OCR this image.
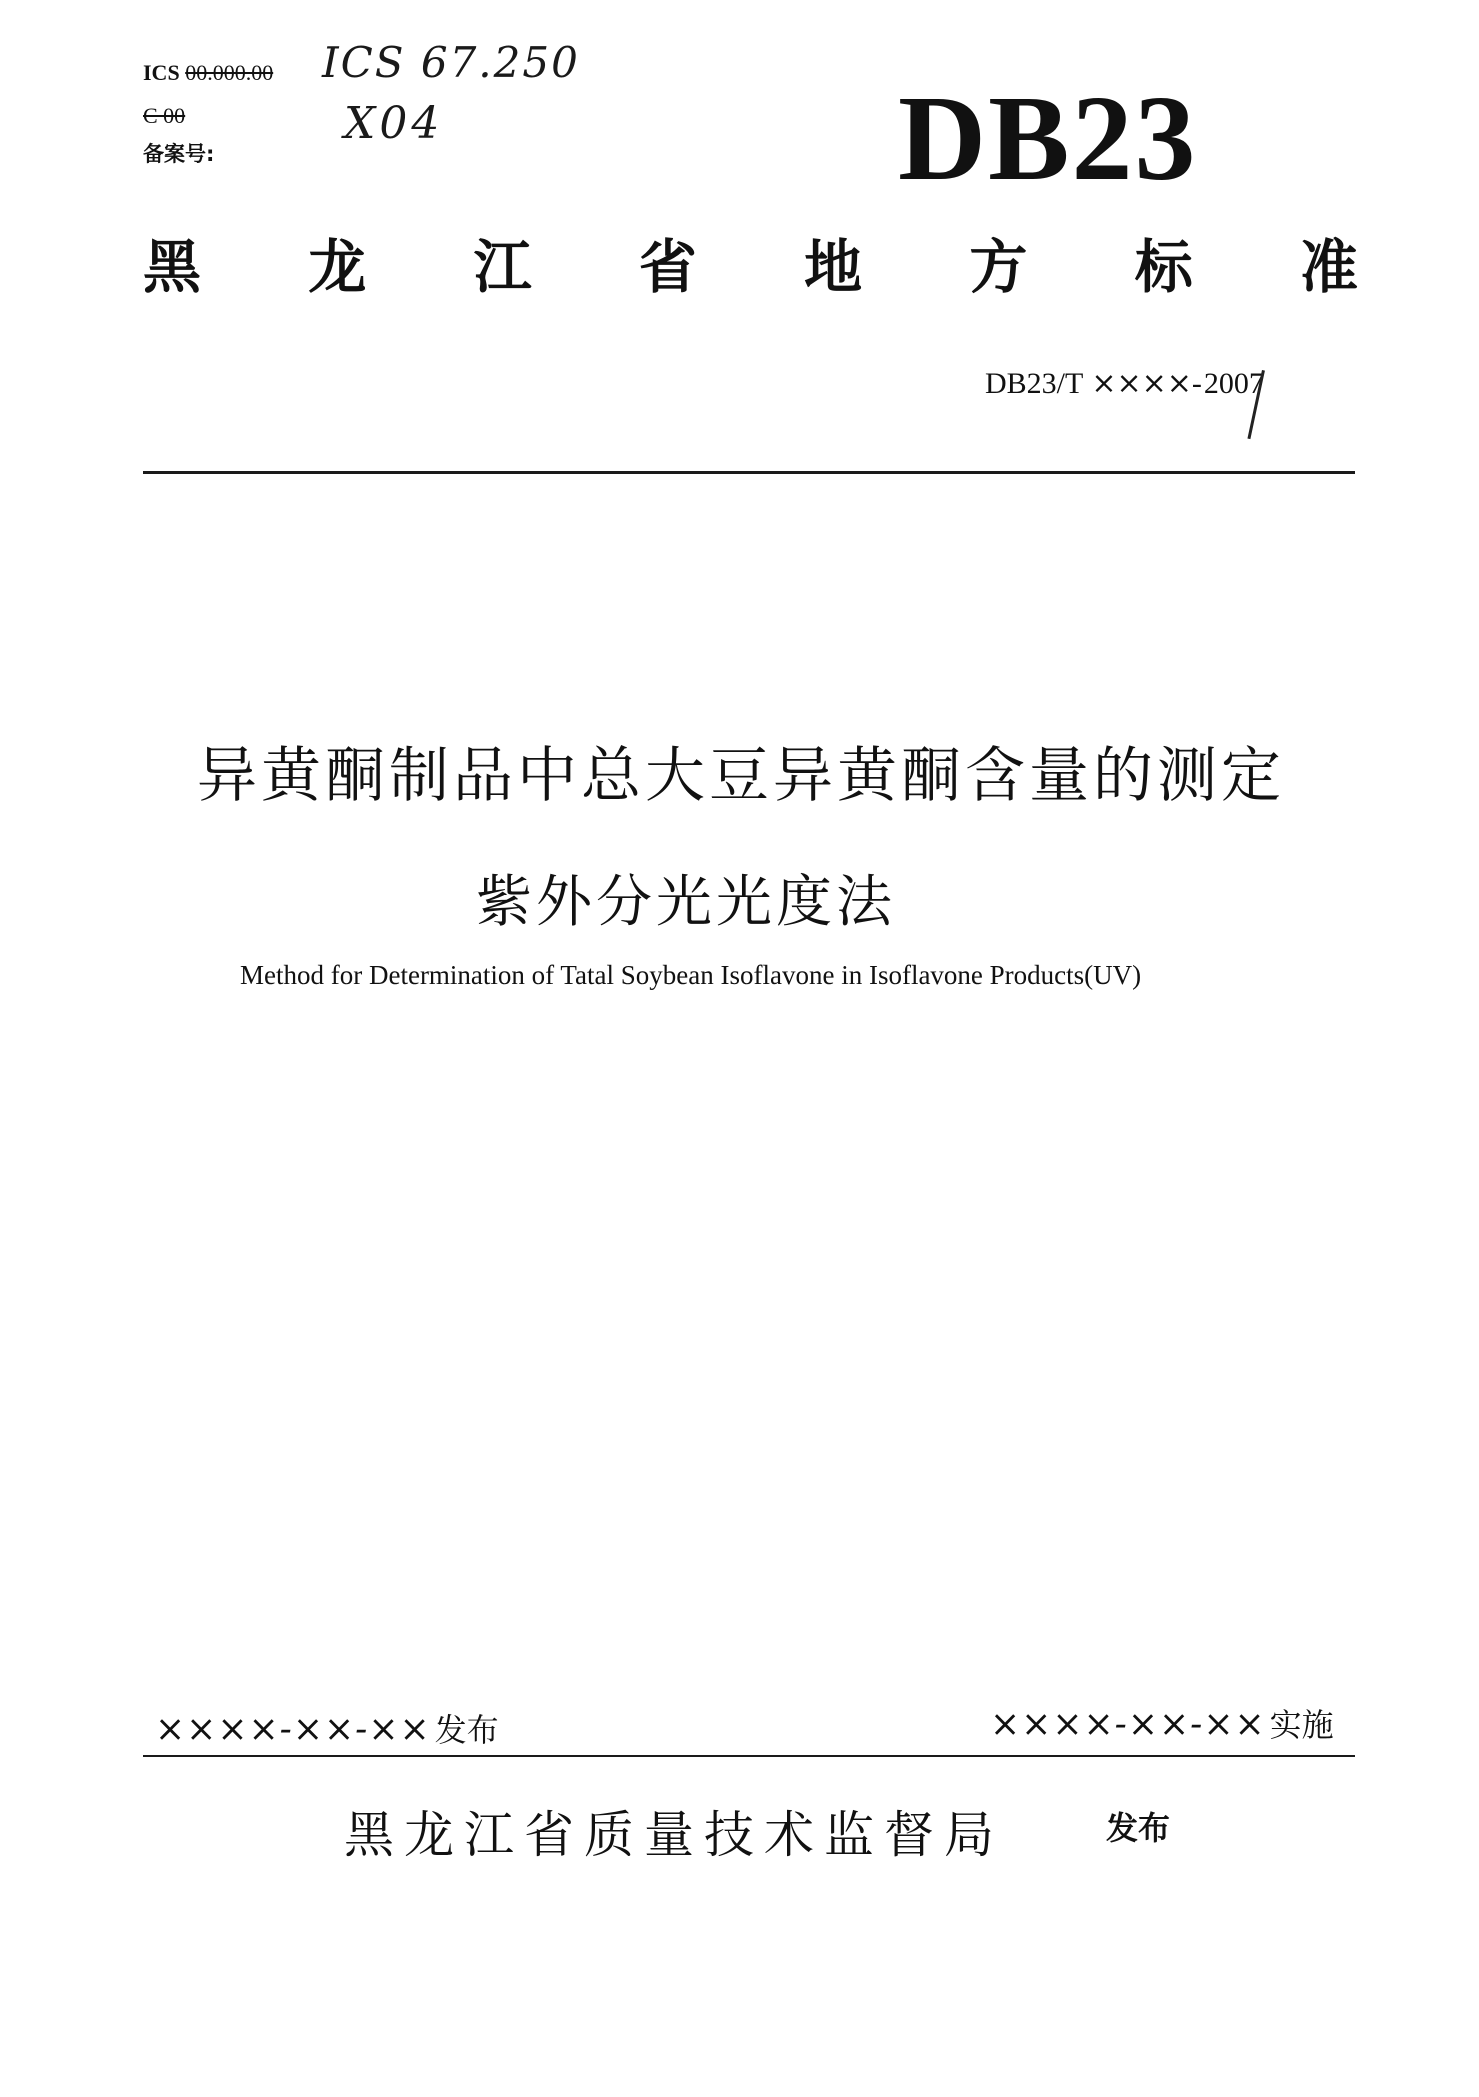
ICS 00.000.00
C 00
备案号:
ICS 67.250
X04	DB23
黑 龙 江 省 地 方 标 准
DB23/T ×××× - 2007
异黄酮制品中总大豆异黄酮含量的测定
紫外分光光度法
Method for Determination of Tatal Soybean Isoflavone in Isoflavone Products(UV)
××××-××-×× 发布	××××-××-×× 实施
黑龙江省质量技术监督局	发布
